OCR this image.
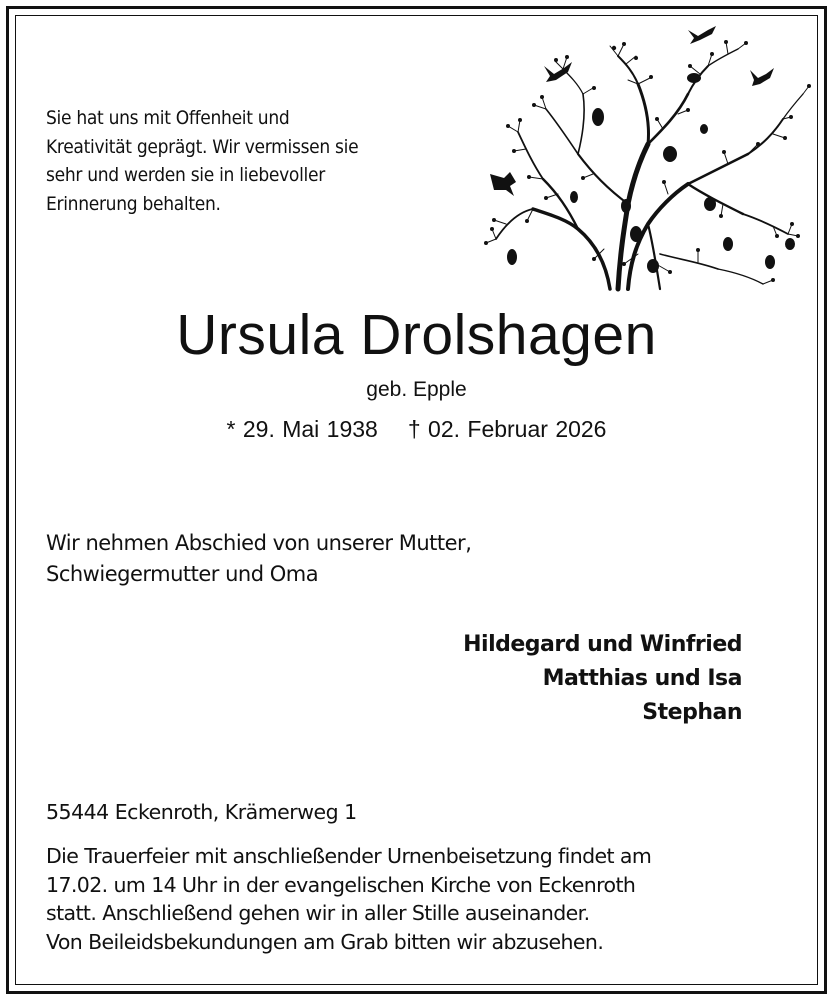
Sie hat uns mit Offenheit und
Kreativität geprägt. Wir vermissen sie
sehr und werden sie in liebevoller
Erinnerung behalten.
Ursula Drolshagen
geb. Epple
* 29. Mai 1938 † 02. Februar 2026
Wir nehmen Abschied von unserer Mutter,
Schwiegermutter und Oma
Hildegard und Winfried
Matthias und Isa
Stephan
55444 Eckenroth, Krämerweg 1
Die Trauerfeier mit anschließender Urnenbeisetzung findet am
17.02. um 14 Uhr in der evangelischen Kirche von Eckenroth
statt. Anschließend gehen wir in aller Stille auseinander.
Von Beileidsbekundungen am Grab bitten wir abzusehen.
